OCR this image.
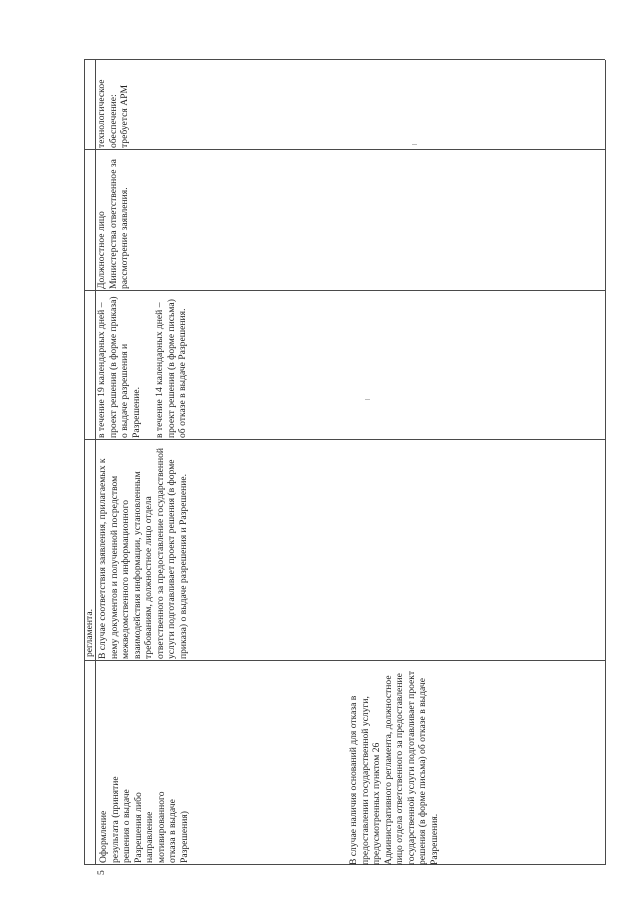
регламента.
5
Оформление результата (принятие решения о выдаче Разрешения либо направление мотивированного отказа в выдаче Разрешения)

В случае соответствия заявления, прилагаемых к нему документов и полученной посредством межведомственного информационного взаимодействия информации, установленным требованиям, должностное лицо отдела ответственного за предоставление государственной услуги подготавливает проект решения (в форме приказа) о выдаче разрешения и Разрешение.

В случае наличия оснований для отказа в предоставлении государственной услуги, предусмотренных пунктом 26 Административного регламента, должностное лицо отдела ответственного за предоставление государственной услуги подготавливает проект решения (в форме письма) об отказе в выдаче Разрешения.

в течение 19 календарных дней – проект решения (в форме приказа) о выдаче разрешения и Разрешение. в течение 14 календарных дней – проект решения (в форме письма) об отказе в выдаче Разрешения.

Должностное лицо Министерства ответственное за рассмотрение заявления.
технологическое обеспечение: требуется АРМ
